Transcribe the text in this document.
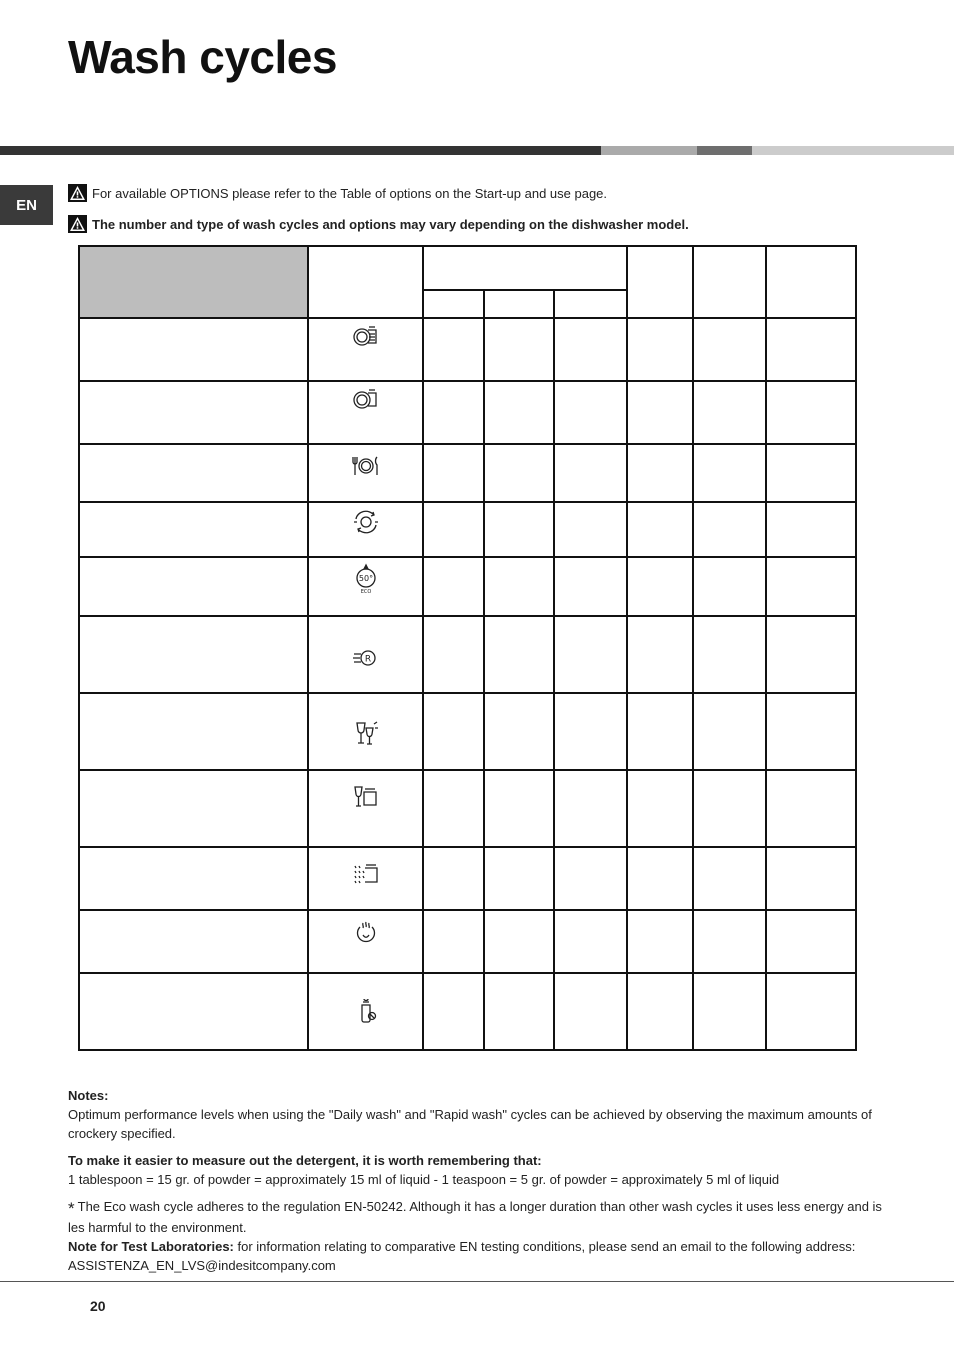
Wash cycles
EN
For available OPTIONS please refer to the Table of options on the Start-up and use page.
The number and type of wash cycles and options may vary depending on the dishwasher model.

50°
ECO						

R						

Notes:

Optimum performance levels when using the "Daily wash" and "Rapid wash" cycles can be achieved by observing the maximum amounts of crockery specified.

To make it easier to measure out the detergent, it is worth remembering that:

1 tablespoon = 15 gr. of powder = approximately 15 ml of liquid - 1 teaspoon = 5 gr. of powder = approximately 5 ml of liquid

* The Eco wash cycle adheres to the regulation EN-50242. Although it has a longer duration than other wash cycles it uses less energy and is les harmful to the environment.

Note for Test Laboratories: for information relating to comparative EN testing conditions, please send an email to the following address: ASSISTENZA_EN_LVS@indesitcompany.com

20
